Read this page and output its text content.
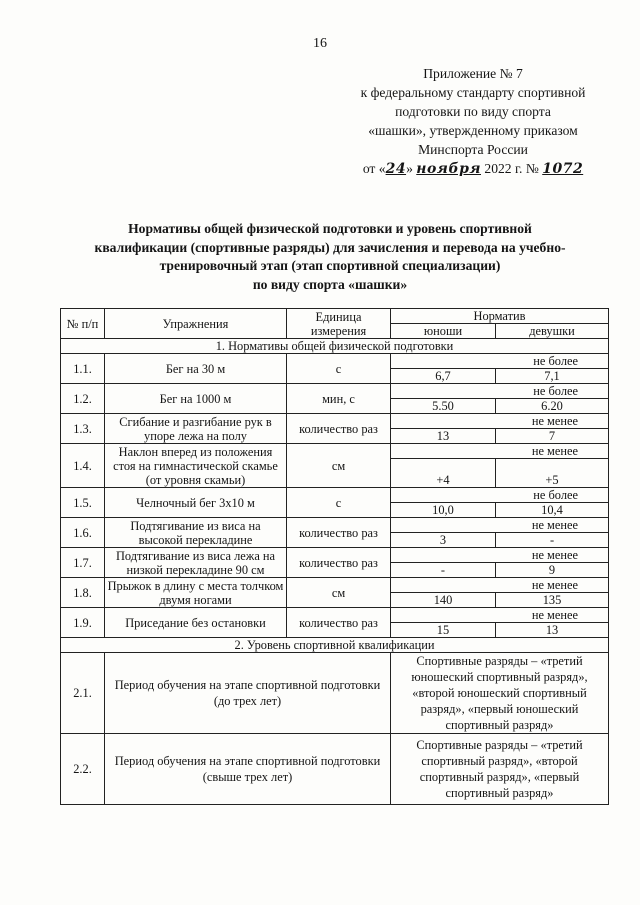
16
Приложение № 7
к федеральному стандарту спортивной
подготовки по виду спорта
«шашки», утвержденному приказом
Минспорта России
от «24» ноября 2022 г. № 1072
Нормативы общей физической подготовки и уровень спортивной
квалификации (спортивные разряды) для зачисления и перевода на учебно-
тренировочный этап (этап спортивной специализации)
по виду спорта «шашки»
№ п/п	Упражнения	Единица измерения	Норматив	
			юноши	девушки
1. Нормативы общей физической подготовки				
1.1.	Бег на 30 м	с	не более	
			6,7	7,1
1.2.	Бег на 1000 м	мин, с	не более	
			5.50	6.20
1.3.	Сгибание и разгибание рук в упоре лежа на полу	количество раз	не менее	
			13	7
1.4.	Наклон вперед из положения стоя на гимнастической скамье (от уровня скамьи)	см	не менее	
			+4	+5
1.5.	Челночный бег 3х10 м	с	не более	
			10,0	10,4
1.6.	Подтягивание из виса на высокой перекладине	количество раз	не менее	
			3	-
1.7.	Подтягивание из виса лежа на низкой перекладине 90 см	количество раз	не менее	
			-	9
1.8.	Прыжок в длину с места толчком двумя ногами	см	не менее	
			140	135
1.9.	Приседание без остановки	количество раз	не менее	
			15	13
2. Уровень спортивной квалификации				
2.1.	Период обучения на этапе спортивной подготовки (до трех лет)		Спортивные разряды – «третий юношеский спортивный разряд», «второй юношеский спортивный разряд», «первый юношеский спортивный разряд»	
2.2.	Период обучения на этапе спортивной подготовки (свыше трех лет)		Спортивные разряды – «третий спортивный разряд», «второй спортивный разряд», «первый спортивный разряд»	
